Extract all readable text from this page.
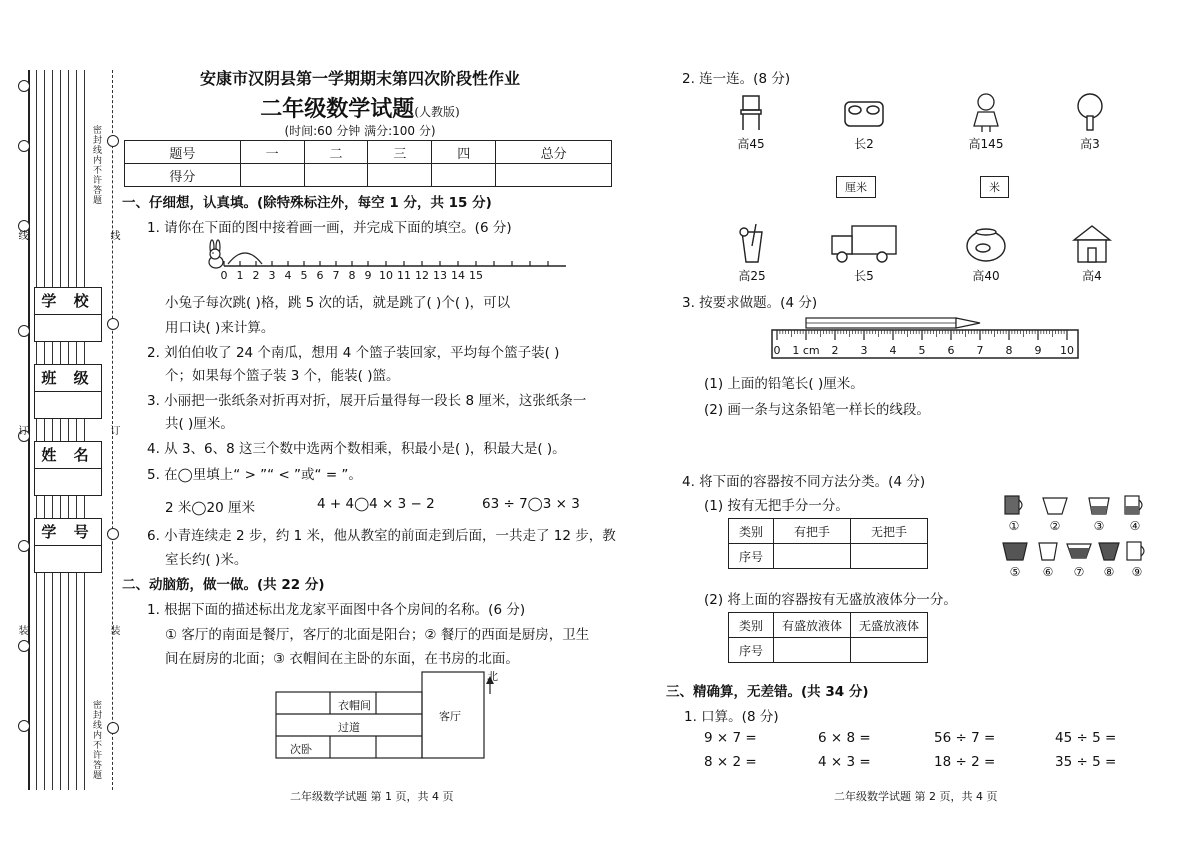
密封线内不许答题
密封线内不许答题
线
订
装
线
订
装
学 校
班 级
姓 名
学 号
安康市汉阴县第一学期期末第四次阶段性作业
二年级数学试题(人教版)
(时间:60 分钟 满分:100 分)
题号	一	二	三	四	总分
得分					
一、仔细想，认真填。(除特殊标注外，每空 1 分，共 15 分)
1. 请你在下面的图中接着画一画，并完成下面的填空。(6 分)
0 1 2 3 4 5 6 7 8 9 10 11 12 13 14 15
小兔子每次跳( )格，跳 5 次的话，就是跳了( )个( )，可以
用口诀( )来计算。
2. 刘伯伯收了 24 个南瓜，想用 4 个篮子装回家，平均每个篮子装( )
个；如果每个篮子装 3 个，能装( )篮。
3. 小丽把一张纸条对折再对折，展开后量得每一段长 8 厘米，这张纸条一
共( )厘米。
4. 从 3、6、8 这三个数中选两个数相乘，积最小是( )，积最大是( )。
5. 在◯里填上“ > ”“ < ”或“ = ”。
2 米◯20 厘米	4 + 4◯4 × 3 − 2	63 ÷ 7◯3 × 3
6. 小青连续走 2 步，约 1 米，他从教室的前面走到后面，一共走了 12 步，教
室长约( )米。
二、动脑筋，做一做。(共 22 分)
1. 根据下面的描述标出龙龙家平面图中各个房间的名称。(6 分)
① 客厅的南面是餐厅，客厅的北面是阳台；② 餐厅的西面是厨房，卫生
间在厨房的北面；③ 衣帽间在主卧的东面，在书房的北面。
北
衣帽间
过道
次卧
客厅
二年级数学试题 第 1 页，共 4 页
2. 连一连。(8 分)
高45	长2	高145	高3
厘米	米
高25	长5	高40	高4
3. 按要求做题。(4 分)
0 1 cm 2 3 4 5 6 7 8 9 10
(1) 上面的铅笔长( )厘米。
(2) 画一条与这条铅笔一样长的线段。
4. 将下面的容器按不同方法分类。(4 分)
(1) 按有无把手分一分。
类别	有把手	无把手
序号		
(2) 将上面的容器按有无盛放液体分一分。
类别	有盛放液体	无盛放液体
序号		
①	②	③	④
⑤	⑥	⑦	⑧	⑨
三、精确算，无差错。(共 34 分)
1. 口算。(8 分)
9 × 7 =	6 × 8 =	56 ÷ 7 =	45 ÷ 5 =
8 × 2 =	4 × 3 =	18 ÷ 2 =	35 ÷ 5 =
二年级数学试题 第 2 页，共 4 页
